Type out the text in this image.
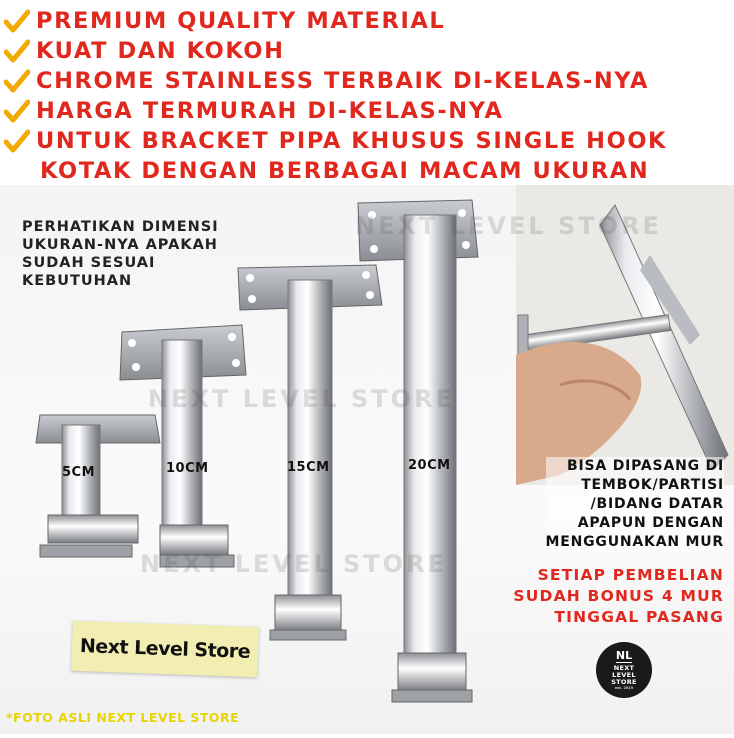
NEXT LEVEL STORE
NEXT LEVEL STORE
NEXT LEVEL STORE
PREMIUM QUALITY MATERIAL
KUAT DAN KOKOH
CHROME STAINLESS TERBAIK DI-KELAS-NYA
HARGA TERMURAH DI-KELAS-NYA
UNTUK BRACKET PIPA KHUSUS SINGLE HOOK
KOTAK DENGAN BERBAGAI MACAM UKURAN
PERHATIKAN DIMENSI
UKURAN-NYA APAKAH
SUDAH SESUAI
KEBUTUHAN
5CM	10CM	15CM	20CM	BISA DIPASANG DI
TEMBOK/PARTISI
/BIDANG DATAR
APAPUN DENGAN
MENGGUNAKAN MUR
SETIAP PEMBELIAN
SUDAH BONUS 4 MUR
TINGGAL PASANG
Next Level Store	NL
NEXT
LEVEL
STORE
est. 2019
*FOTO ASLI NEXT LEVEL STORE
